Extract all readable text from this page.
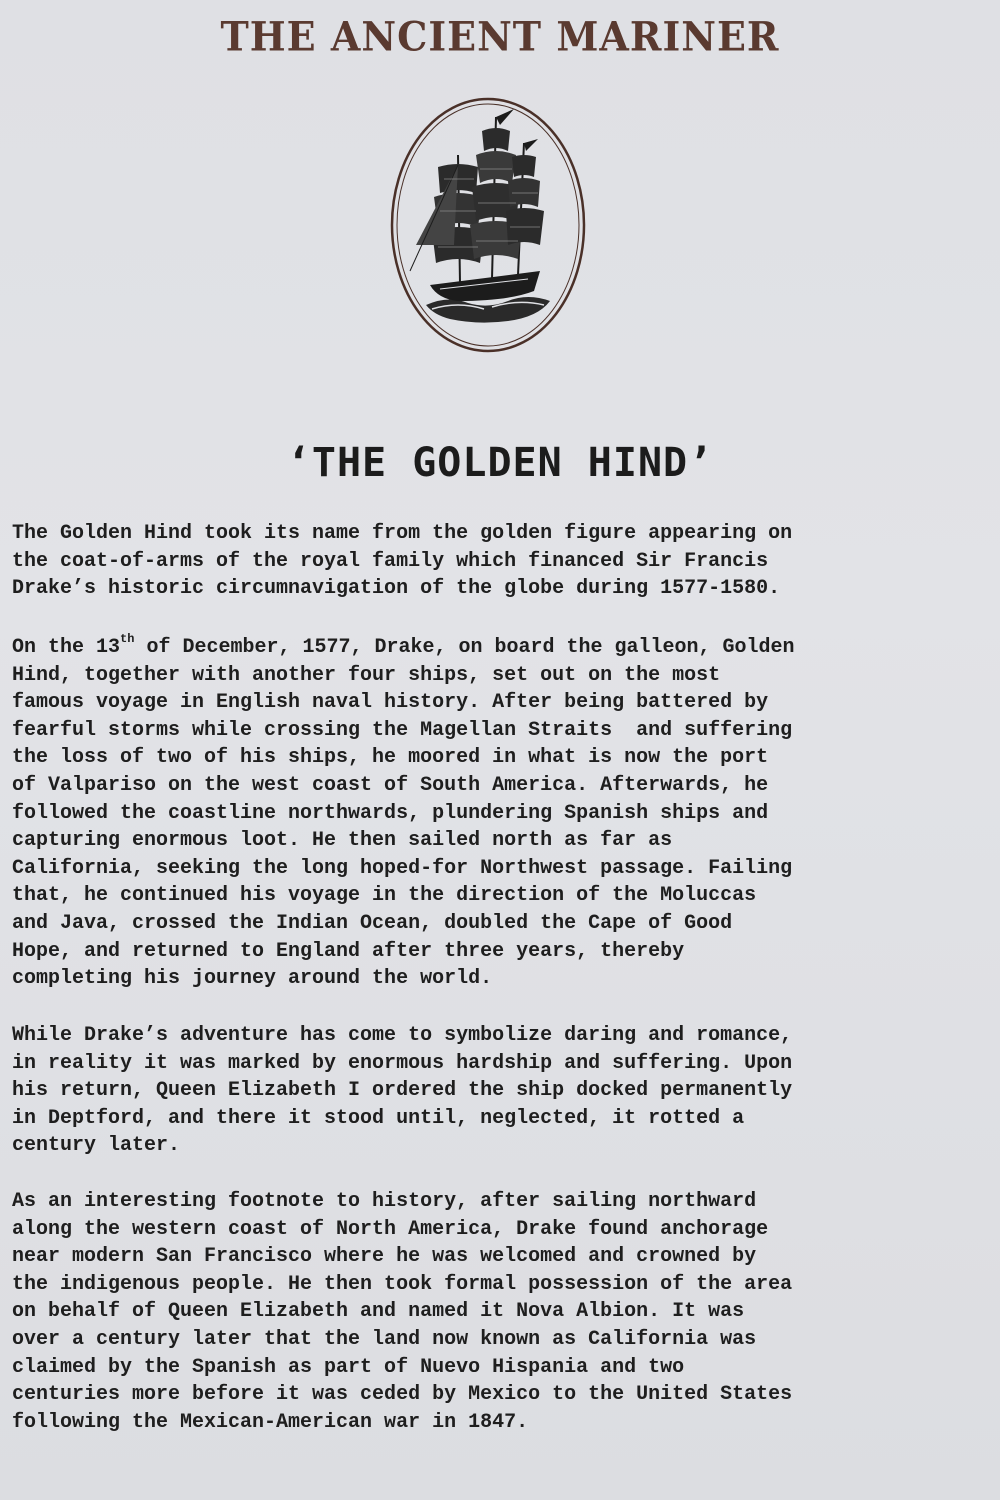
THE ANCIENT MARINER
‘THE GOLDEN HIND’
The Golden Hind took its name from the golden figure appearing on
the coat-of-arms of the royal family which financed Sir Francis
Drake’s historic circumnavigation of the globe during 1577-1580.
On the 13th of December, 1577, Drake, on board the galleon, Golden
Hind, together with another four ships, set out on the most
famous voyage in English naval history. After being battered by
fearful storms while crossing the Magellan Straits  and suffering
the loss of two of his ships, he moored in what is now the port
of Valpariso on the west coast of South America. Afterwards, he
followed the coastline northwards, plundering Spanish ships and
capturing enormous loot. He then sailed north as far as
California, seeking the long hoped-for Northwest passage. Failing
that, he continued his voyage in the direction of the Moluccas
and Java, crossed the Indian Ocean, doubled the Cape of Good
Hope, and returned to England after three years, thereby
completing his journey around the world.
While Drake’s adventure has come to symbolize daring and romance,
in reality it was marked by enormous hardship and suffering. Upon
his return, Queen Elizabeth I ordered the ship docked permanently
in Deptford, and there it stood until, neglected, it rotted a
century later.
As an interesting footnote to history, after sailing northward
along the western coast of North America, Drake found anchorage
near modern San Francisco where he was welcomed and crowned by
the indigenous people. He then took formal possession of the area
on behalf of Queen Elizabeth and named it Nova Albion. It was
over a century later that the land now known as California was
claimed by the Spanish as part of Nuevo Hispania and two
centuries more before it was ceded by Mexico to the United States
following the Mexican-American war in 1847.
